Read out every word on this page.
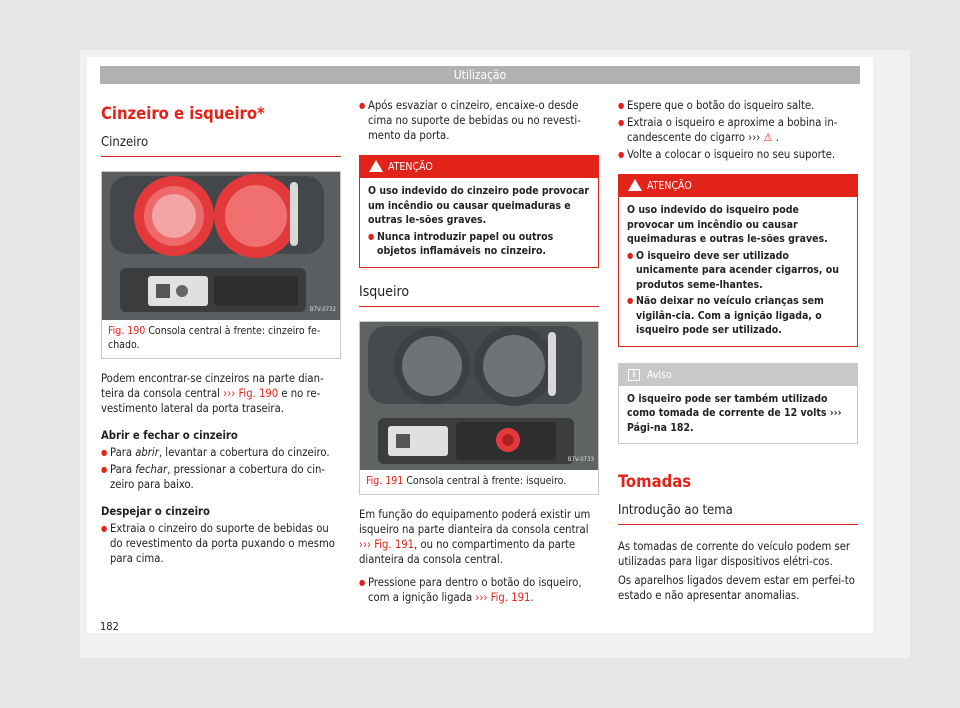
Utilização
Cinzeiro e isqueiro*
Cinzeiro
B7V-0732
Fig. 190 Consola central à frente: cinzeiro fe-chado.

Podem encontrar-se cinzeiros na parte dian-teira da consola central ››› Fig. 190 e no re-vestimento lateral da porta traseira.

Abrir e fechar o cinzeiro
● Para abrir, levantar a cobertura do cinzeiro.
● Para fechar, pressionar a cobertura do cin-zeiro para baixo.
Despejar o cinzeiro
● Extraia o cinzeiro do suporte de bebidas ou do revestimento da porta puxando o mesmo para cima.
● Após esvaziar o cinzeiro, encaixe-o desde cima no suporte de bebidas ou no revesti-mento da porta.
ATENÇÃO
O uso indevido do cinzeiro pode provocar um incêndio ou causar queimaduras e outras le-sões graves.
● Nunca introduzir papel ou outros objetos inflamáveis no cinzeiro.
Isqueiro
B7V-0733
Fig. 191 Consola central à frente: isqueiro.

Em função do equipamento poderá existir um isqueiro na parte dianteira da consola central ››› Fig. 191, ou no compartimento da parte dianteira da consola central.

● Pressione para dentro o botão do isqueiro, com a ignição ligada ››› Fig. 191.
● Espere que o botão do isqueiro salte.
● Extraia o isqueiro e aproxime a bobina in-candescente do cigarro ››› ⚠ .
● Volte a colocar o isqueiro no seu suporte.
ATENÇÃO
O uso indevido do isqueiro pode provocar um incêndio ou causar queimaduras e outras le-sões graves.
● O isqueiro deve ser utilizado unicamente para acender cigarros, ou produtos seme-lhantes.
● Não deixar no veículo crianças sem vigilân-cia. Com a ignição ligada, o isqueiro pode ser utilizado.
i	Aviso
O isqueiro pode ser também utilizado como tomada de corrente de 12 volts ››› Pági-na 182.
Tomadas
Introdução ao tema

As tomadas de corrente do veículo podem ser utilizadas para ligar dispositivos elétri-cos.

Os aparelhos ligados devem estar em perfei-to estado e não apresentar anomalias.

182
